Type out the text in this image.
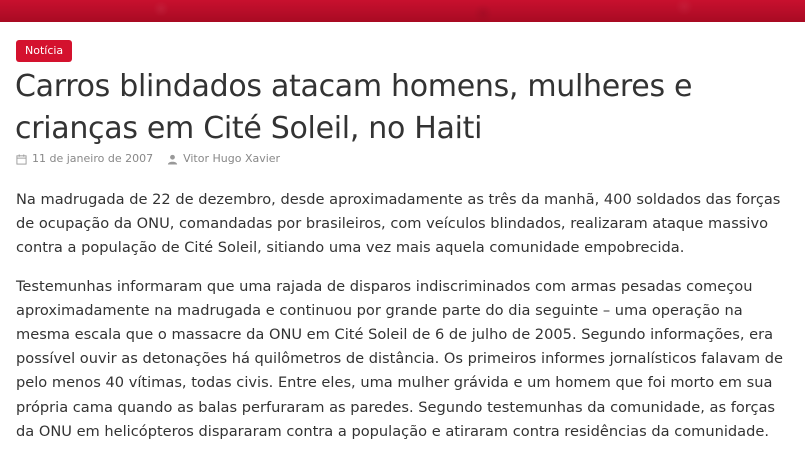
Notícia
Carros blindados atacam homens, mulheres e crianças em Cité Soleil, no Haiti
11 de janeiro de 2007	Vitor Hugo Xavier

Na madrugada de 22 de dezembro, desde aproximadamente as três da manhã, 400 soldados das forças de ocupação da ONU, comandadas por brasileiros, com veículos blindados, realizaram ataque massivo contra a população de Cité Soleil, sitiando uma vez mais aquela comunidade empobrecida.

Testemunhas informaram que uma rajada de disparos indiscriminados com armas pesadas começou aproximadamente na madrugada e continuou por grande parte do dia seguinte – uma operação na mesma escala que o massacre da ONU em Cité Soleil de 6 de julho de 2005. Segundo informações, era possível ouvir as detonações há quilômetros de distância. Os primeiros informes jornalísticos falavam de pelo menos 40 vítimas, todas civis. Entre eles, uma mulher grávida e um homem que foi morto em sua própria cama quando as balas perfuraram as paredes. Segundo testemunhas da comunidade, as forças da ONU em helicópteros dispararam contra a população e atiraram contra residências da comunidade.
